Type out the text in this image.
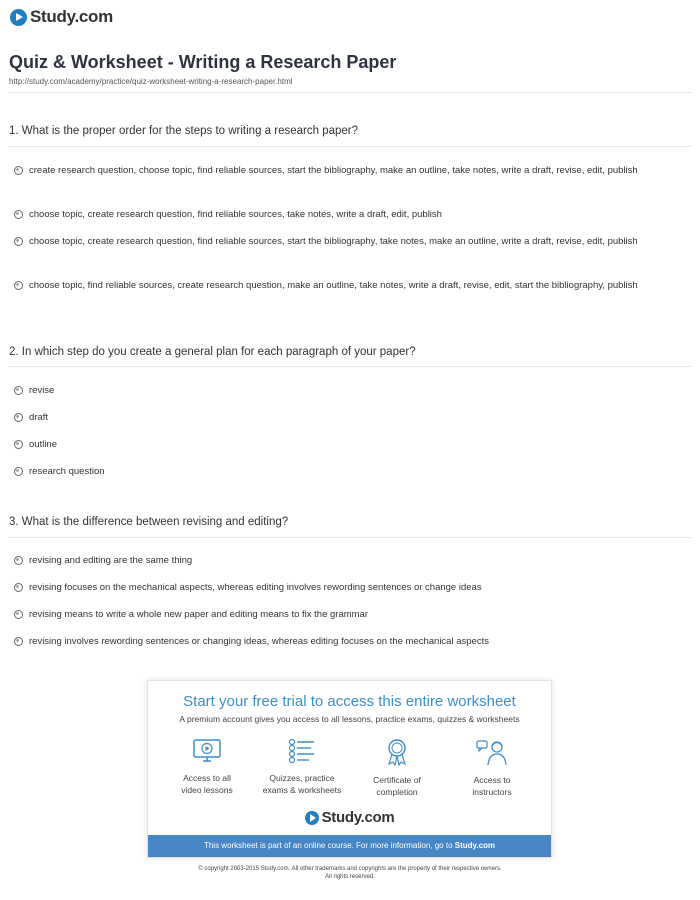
Study.com
Quiz & Worksheet - Writing a Research Paper
http://study.com/academy/practice/quiz-worksheet-writing-a-research-paper.html
1. What is the proper order for the steps to writing a research paper?
create research question, choose topic, find reliable sources, start the bibliography, make an outline, take notes, write a draft, revise, edit, publish
choose topic, create research question, find reliable sources, take notes, write a draft, edit, publish
choose topic, create research question, find reliable sources, start the bibliography, take notes, make an outline, write a draft, revise, edit, publish
choose topic, find reliable sources, create research question, make an outline, take notes, write a draft, revise, edit, start the bibliography, publish
2. In which step do you create a general plan for each paragraph of your paper?
revise
draft
outline
research question
3. What is the difference between revising and editing?
revising and editing are the same thing
revising focuses on the mechanical aspects, whereas editing involves rewording sentences or change ideas
revising means to write a whole new paper and editing means to fix the grammar
revising involves rewording sentences or changing ideas, whereas editing focuses on the mechanical aspects
Start your free trial to access this entire worksheet
A premium account gives you access to all lessons, practice exams, quizzes & worksheets
Access to all
video lessons
Quizzes, practice
exams & worksheets
Certificate of
completion
Access to
instructors
Study.com
This worksheet is part of an online course. For more information, go to Study.com
© copyright 2003-2015 Study.com. All other trademarks and copyrights are the property of their respective owners.
All rights reserved.
